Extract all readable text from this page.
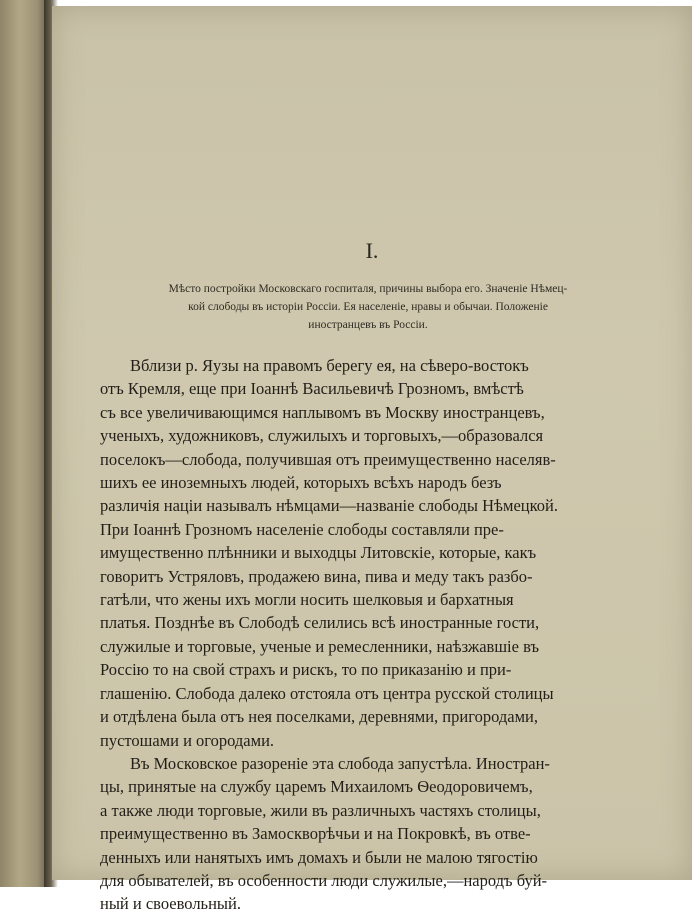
I.
Мѣсто постройки Московскаго госпиталя, причины выбора его. Значеніе Нѣмец-
кой слободы въ исторіи Россіи. Ея населеніе, нравы и обычаи. Положеніе
иностранцевъ въ Россіи.
Вблизи р. Яузы на правомъ берегу ея, на сѣверо-востокъ
отъ Кремля, еще при Іоаннѣ Васильевичѣ Грозномъ, вмѣстѣ
съ все увеличивающимся наплывомъ въ Москву иностранцевъ,
ученыхъ, художниковъ, служилыхъ и торговыхъ,—образовался
поселокъ—слобода, получившая отъ преимущественно населяв-
шихъ ее иноземныхъ людей, которыхъ всѣхъ народъ безъ
различія націи называлъ нѣмцами—названіе слободы Нѣмецкой.
При Іоаннѣ Грозномъ населеніе слободы составляли пре-
имущественно плѣнники и выходцы Литовскіе, которые, какъ
говоритъ Устряловъ, продажею вина, пива и меду такъ разбо-
гатѣли, что жены ихъ могли носить шелковыя и бархатныя
платья. Позднѣе въ Слободѣ селились всѣ иностранные гости,
служилые и торговые, ученые и ремесленники, наѣзжавшіе въ
Россію то на свой страхъ и рискъ, то по приказанію и при-
глашенію. Слобода далеко отстояла отъ центра русской столицы
и отдѣлена была отъ нея поселками, деревнями, пригородами,
пустошами и огородами.
Въ Московское разореніе эта слобода запустѣла. Иностран-
цы, принятые на службу царемъ Михаиломъ Ѳеодоровичемъ,
а также люди торговые, жили въ различныхъ частяхъ столицы,
преимущественно въ Замоскворѣчьи и на Покровкѣ, въ отве-
денныхъ или нанятыхъ имъ домахъ и были не малою тягостію
для обывателей, въ особенности люди служилые,—народъ буй-
ный и своевольный.
